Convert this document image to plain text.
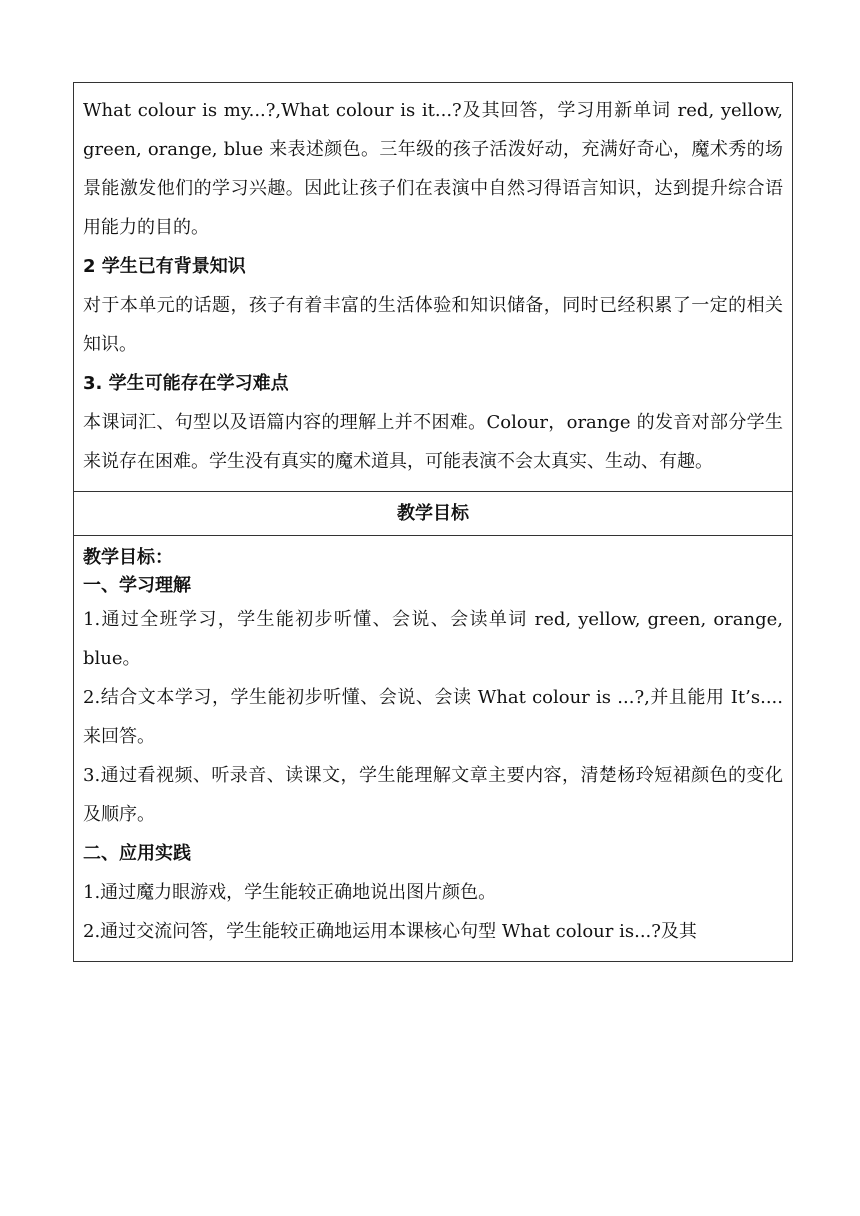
What colour is my...?,What colour is it...?及其回答，学习用新单词 red, yellow, green, orange, blue 来表述颜色。三年级的孩子活泼好动，充满好奇心，魔术秀的场景能激发他们的学习兴趣。因此让孩子们在表演中自然习得语言知识，达到提升综合语用能力的目的。

2 学生已有背景知识

对于本单元的话题，孩子有着丰富的生活体验和知识储备，同时已经积累了一定的相关知识。

3. 学生可能存在学习难点

本课词汇、句型以及语篇内容的理解上并不困难。Colour，orange 的发音对部分学生来说存在困难。学生没有真实的魔术道具，可能表演不会太真实、生动、有趣。

教学目标

教学目标：

一、学习理解

1.通过全班学习，学生能初步听懂、会说、会读单词 red, yellow, green, orange, blue。

2.结合文本学习，学生能初步听懂、会说、会读 What colour is ...?,并且能用 It’s....来回答。

3.通过看视频、听录音、读课文，学生能理解文章主要内容，清楚杨玲短裙颜色的变化及顺序。

二、应用实践

1.通过魔力眼游戏，学生能较正确地说出图片颜色。

2.通过交流问答，学生能较正确地运用本课核心句型 What colour is...?及其
